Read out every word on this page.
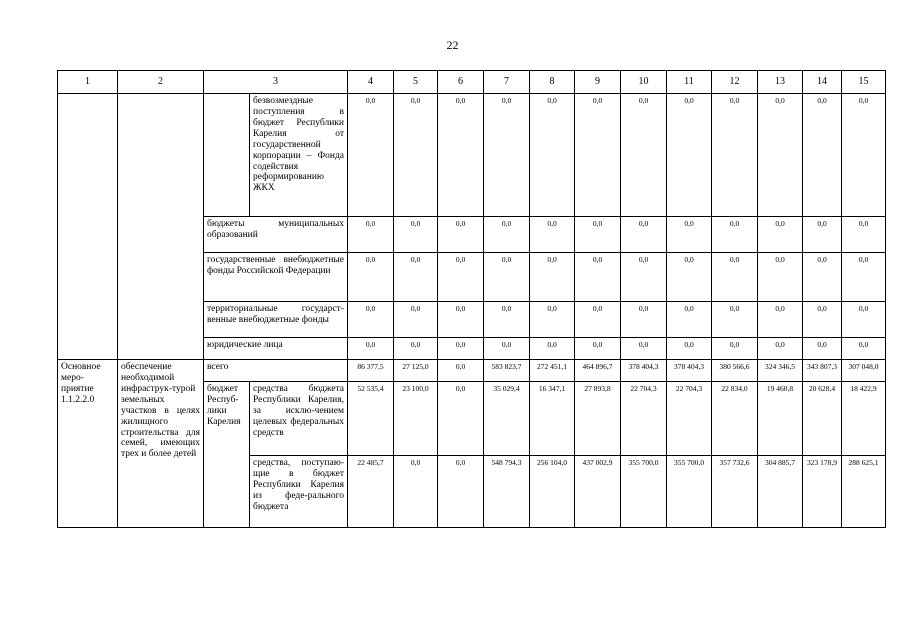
22
1	2	3		4	5	6	7	8	9	10	11	12	13	14	15
			безвозмездные поступления в бюджет Республики Карелия от государственной корпорации – Фонда содействия реформированию ЖКХ	0,0	0,0	0,0	0,0	0,0	0,0	0,0	0,0	0,0	0,0	0,0	0,0
		бюджеты муниципальных образований		0,0	0,0	0,0	0,0	0,0	0,0	0,0	0,0	0,0	0,0	0,0	0,0
		государственные внебюджетные фонды Российской Федерации		0,0	0,0	0,0	0,0	0,0	0,0	0,0	0,0	0,0	0,0	0,0	0,0
		территориальные государст-венные внебюджетные фонды		0,0	0,0	0,0	0,0	0,0	0,0	0,0	0,0	0,0	0,0	0,0	0,0
		юридические лица		0,0	0,0	0,0	0,0	0,0	0,0	0,0	0,0	0,0	0,0	0,0	0,0
Основное меро-приятие 1.1.2.2.0	обеспечение необходимой инфраструк-турой земельных участков в целях жилищного строительства для семей, имеющих трех и более детей	всего		86 377,5	27 125,0	0,0	583 823,7	272 451,1	464 896,7	378 404,3	378 404,3	380 566,6	324 346,5	343 807,3	307 048,0
		бюджет Респуб-лики Карелия	средства бюджета Республики Карелия, за исклю-чением целевых федеральных средств	52 535,4	23 100,0	0,0	35 029,4	16 347,1	27 893,8	22 704,3	22 704,3	22 834,0	19 460,8	20 628,4	18 422,9
			средства, поступаю-щие в бюджет Республики Карелия из феде-рального бюджета	22 485,7	0,0	0,0	548 794,3	256 104,0	437 002,9	355 700,0	355 700,0	357 732,6	304 885,7	323 178,9	288 625,1
